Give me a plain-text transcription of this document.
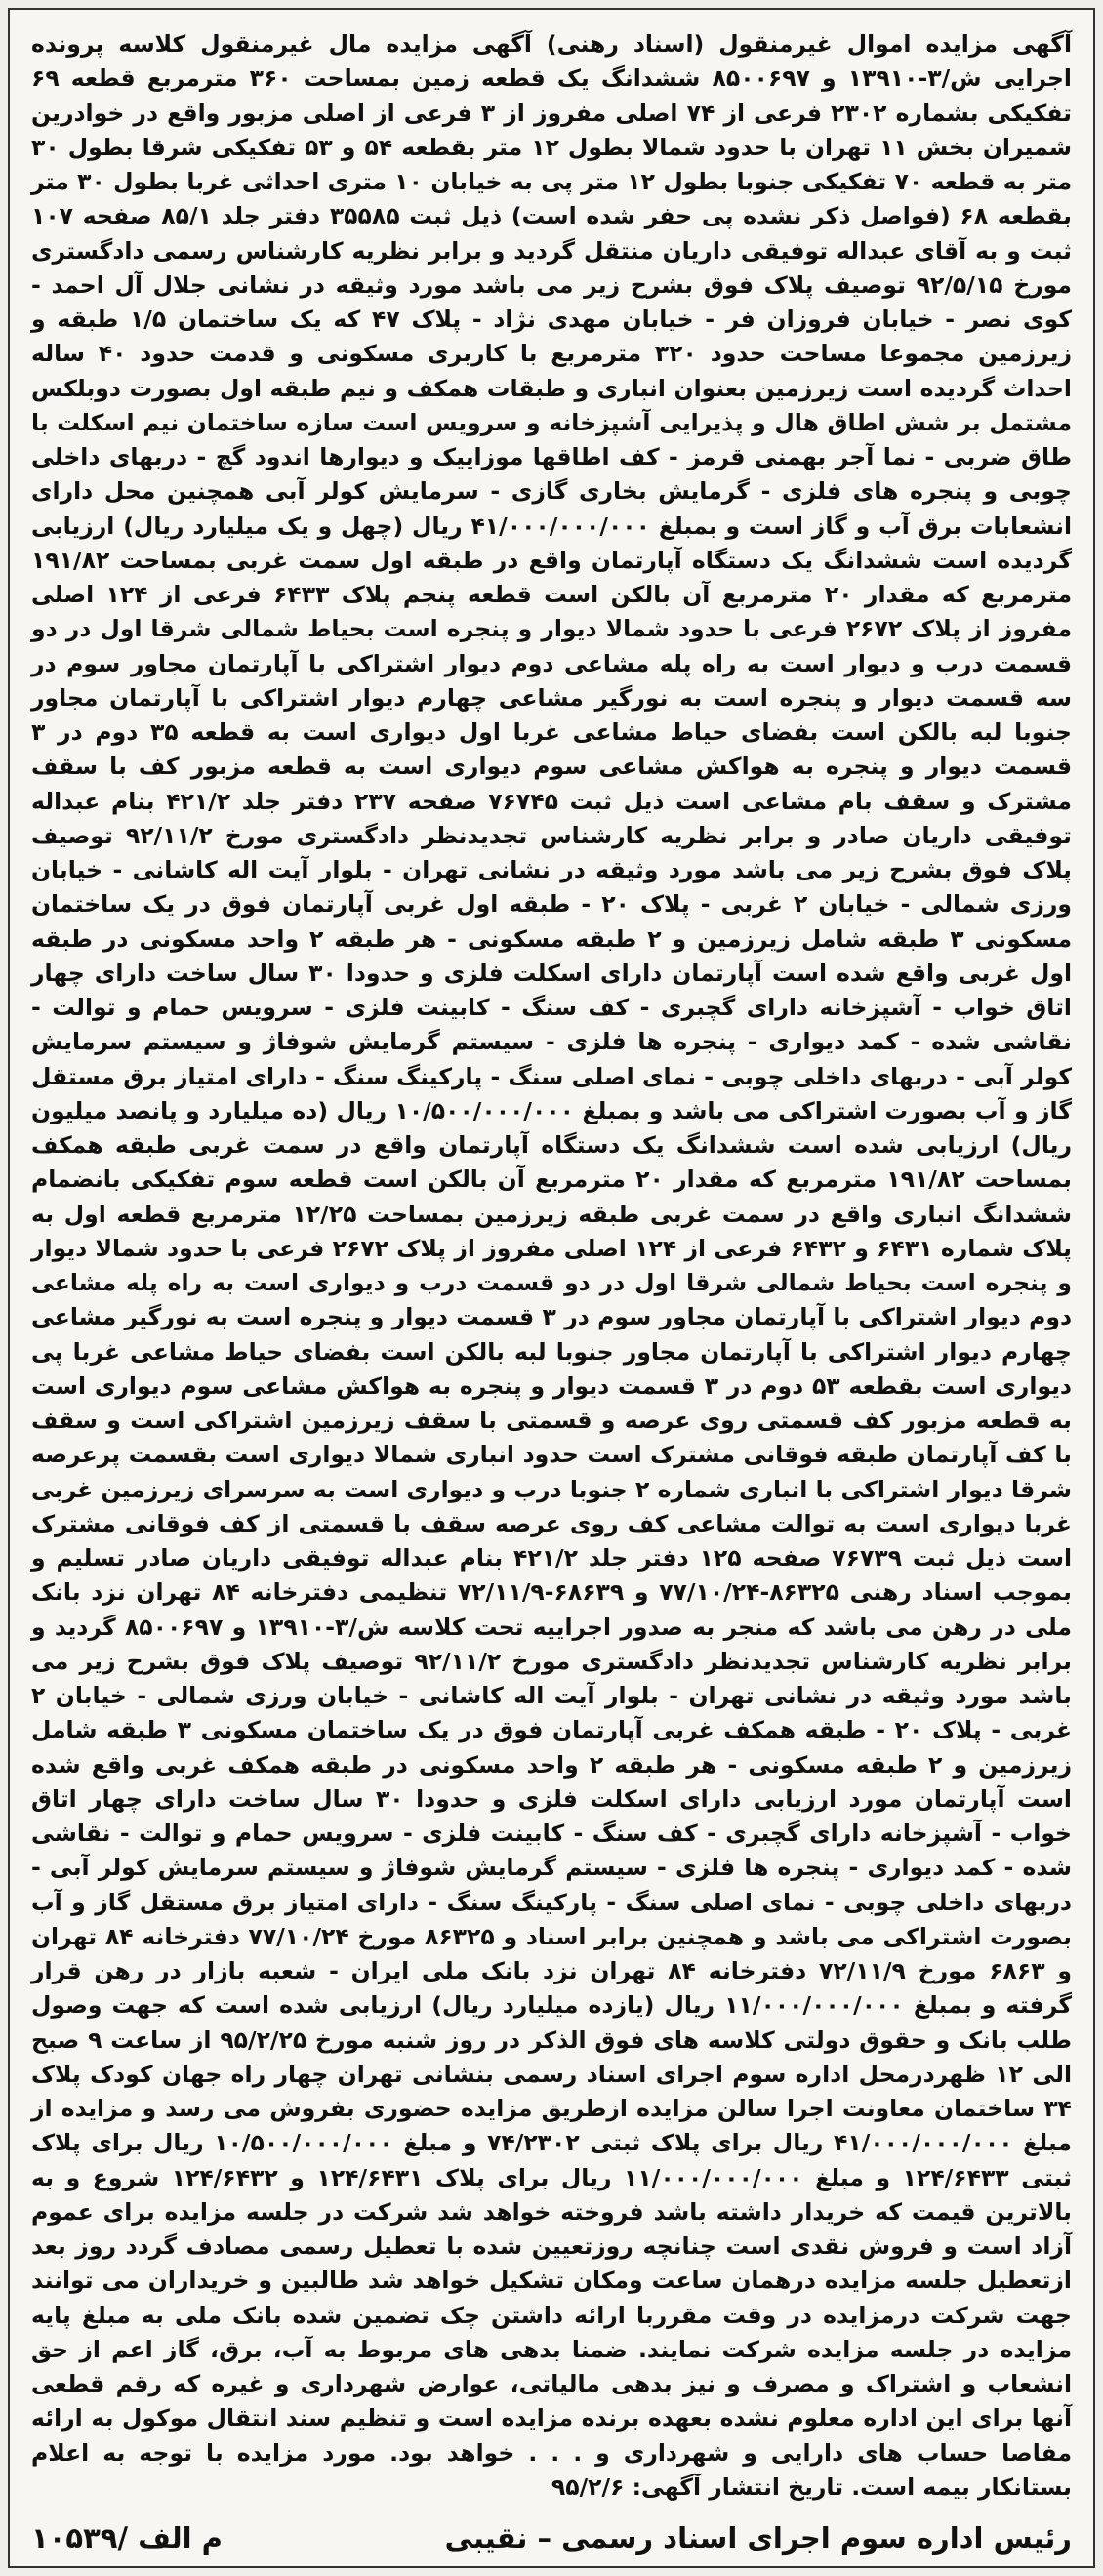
آگهی مزایده اموال غیرمنقول (اسناد رهنی) آگهی مزایده مال غیرمنقول کلاسه پرونده اجرایی ش/۳-۱۳۹۱۰ و ۸۵۰۰۶۹۷ ششدانگ یک قطعه زمین بمساحت ۳۶۰ مترمربع قطعه ۶۹ تفکیکی بشماره ۲۳۰۲ فرعی از ۷۴ اصلی مفروز از ۳ فرعی از اصلی مزبور واقع در خوادرین شمیران بخش ۱۱ تهران با حدود شمالا بطول ۱۲ متر بقطعه ۵۴ و ۵۳ تفکیکی شرقا بطول ۳۰ متر به قطعه ۷۰ تفکیکی جنوبا بطول ۱۲ متر پی به خیابان ۱۰ متری احداثی غربا بطول ۳۰ متر بقطعه ۶۸ (فواصل ذکر نشده پی حفر شده است) ذیل ثبت ۳۵۵۸۵ دفتر جلد ۸۵/۱ صفحه ۱۰۷ ثبت و به آقای عبداله توفیقی داریان منتقل گردید و برابر نظریه کارشناس رسمی دادگستری مورخ ۹۲/۵/۱۵ توصیف پلاک فوق بشرح زیر می باشد مورد وثیقه در نشانی جلال آل احمد - کوی نصر - خیابان فروزان فر - خیابان مهدی نژاد - پلاک ۴۷ که یک ساختمان ۱/۵ طبقه و زیرزمین مجموعا مساحت حدود ۳۲۰ مترمربع با کاربری مسکونی و قدمت حدود ۴۰ ساله احداث گردیده است زیرزمین بعنوان انباری و طبقات همکف و نیم طبقه اول بصورت دوبلکس مشتمل بر شش اطاق هال و پذیرایی آشپزخانه و سرویس است سازه ساختمان نیم اسکلت با طاق ضربی - نما آجر بهمنی قرمز - کف اطاقها موزاییک و دیوارها اندود گچ - دربهای داخلی چوبی و پنجره های فلزی - گرمایش بخاری گازی - سرمایش کولر آبی همچنین محل دارای انشعابات برق آب و گاز است و بمبلغ ۴۱/۰۰۰/۰۰۰/۰۰۰ ریال (چهل و یک میلیارد ریال) ارزیابی گردیده است ششدانگ یک دستگاه آپارتمان واقع در طبقه اول سمت غربی بمساحت ۱۹۱/۸۲ مترمربع که مقدار ۲۰ مترمربع آن بالکن است قطعه پنجم پلاک ۶۴۳۳ فرعی از ۱۲۴ اصلی مفروز از پلاک ۲۶۷۲ فرعی با حدود شمالا دیوار و پنجره است بحیاط شمالی شرقا اول در دو قسمت درب و دیوار است به راه پله مشاعی دوم دیوار اشتراکی با آپارتمان مجاور سوم در سه قسمت دیوار و پنجره است به نورگیر مشاعی چهارم دیوار اشتراکی با آپارتمان مجاور جنوبا لبه بالکن است بفضای حیاط مشاعی غربا اول دیواری است به قطعه ۳۵ دوم در ۳ قسمت دیوار و پنجره به هواکش مشاعی سوم دیواری است به قطعه مزبور کف با سقف مشترک و سقف بام مشاعی است ذیل ثبت ۷۶۷۴۵ صفحه ۲۳۷ دفتر جلد ۴۲۱/۲ بنام عبداله توفیقی داریان صادر و برابر نظریه کارشناس تجدیدنظر دادگستری مورخ ۹۲/۱۱/۲ توصیف پلاک فوق بشرح زیر می باشد مورد وثیقه در نشانی تهران - بلوار آیت اله کاشانی - خیابان ورزی شمالی - خیابان ۲ غربی - پلاک ۲۰ - طبقه اول غربی آپارتمان فوق در یک ساختمان مسکونی ۳ طبقه شامل زیرزمین و ۲ طبقه مسکونی - هر طبقه ۲ واحد مسکونی در طبقه اول غربی واقع شده است آپارتمان دارای اسکلت فلزی و حدودا ۳۰ سال ساخت دارای چهار اتاق خواب - آشپزخانه دارای گچبری - کف سنگ - کابینت فلزی - سرویس حمام و توالت - نقاشی شده - کمد دیواری - پنجره ها فلزی - سیستم گرمایش شوفاژ و سیستم سرمایش کولر آبی - دربهای داخلی چوبی - نمای اصلی سنگ - پارکینگ سنگ - دارای امتیاز برق مستقل گاز و آب بصورت اشتراکی می باشد و بمبلغ ۱۰/۵۰۰/۰۰۰/۰۰۰ ریال (ده میلیارد و پانصد میلیون ریال) ارزیابی شده است ششدانگ یک دستگاه آپارتمان واقع در سمت غربی طبقه همکف بمساحت ۱۹۱/۸۲ مترمربع که مقدار ۲۰ مترمربع آن بالکن است قطعه سوم تفکیکی بانضمام ششدانگ انباری واقع در سمت غربی طبقه زیرزمین بمساحت ۱۲/۲۵ مترمربع قطعه اول به پلاک شماره ۶۴۳۱ و ۶۴۳۲ فرعی از ۱۲۴ اصلی مفروز از پلاک ۲۶۷۲ فرعی با حدود شمالا دیوار و پنجره است بحیاط شمالی شرقا اول در دو قسمت درب و دیواری است به راه پله مشاعی دوم دیوار اشتراکی با آپارتمان مجاور سوم در ۳ قسمت دیوار و پنجره است به نورگیر مشاعی چهارم دیوار اشتراکی با آپارتمان مجاور جنوبا لبه بالکن است بفضای حیاط مشاعی غربا پی دیواری است بقطعه ۵۳ دوم در ۳ قسمت دیوار و پنجره به هواکش مشاعی سوم دیواری است به قطعه مزبور کف قسمتی روی عرصه و قسمتی با سقف زیرزمین اشتراکی است و سقف با کف آپارتمان طبقه فوقانی مشترک است حدود انباری شمالا دیواری است بقسمت پرعرصه شرقا دیوار اشتراکی با انباری شماره ۲ جنوبا درب و دیواری است به سرسرای زیرزمین غربی غربا دیواری است به توالت مشاعی کف روی عرصه سقف با قسمتی از کف فوقانی مشترک است ذیل ثبت ۷۶۷۳۹ صفحه ۱۲۵ دفتر جلد ۴۲۱/۲ بنام عبداله توفیقی داریان صادر تسلیم و بموجب اسناد رهنی ۸۶۳۲۵-۷۷/۱۰/۲۴ و ۶۸۶۳۹-۷۲/۱۱/۹ تنظیمی دفترخانه ۸۴ تهران نزد بانک ملی در رهن می باشد که منجر به صدور اجراییه تحت کلاسه ش/۳-۱۳۹۱۰ و ۸۵۰۰۶۹۷ گردید و برابر نظریه کارشناس تجدیدنظر دادگستری مورخ ۹۲/۱۱/۲ توصیف پلاک فوق بشرح زیر می باشد مورد وثیقه در نشانی تهران - بلوار آیت اله کاشانی - خیابان ورزی شمالی - خیابان ۲ غربی - پلاک ۲۰ - طبقه همکف غربی آپارتمان فوق در یک ساختمان مسکونی ۳ طبقه شامل زیرزمین و ۲ طبقه مسکونی - هر طبقه ۲ واحد مسکونی در طبقه همکف غربی واقع شده است آپارتمان مورد ارزیابی دارای اسکلت فلزی و حدودا ۳۰ سال ساخت دارای چهار اتاق خواب - آشپزخانه دارای گچبری - کف سنگ - کابینت فلزی - سرویس حمام و توالت - نقاشی شده - کمد دیواری - پنجره ها فلزی - سیستم گرمایش شوفاژ و سیستم سرمایش کولر آبی - دربهای داخلی چوبی - نمای اصلی سنگ - پارکینگ سنگ - دارای امتیاز برق مستقل گاز و آب بصورت اشتراکی می باشد و همچنین برابر اسناد و ۸۶۳۲۵ مورخ ۷۷/۱۰/۲۴ دفترخانه ۸۴ تهران و ۶۸۶۳ مورخ ۷۲/۱۱/۹ دفترخانه ۸۴ تهران نزد بانک ملی ایران - شعبه بازار در رهن قرار گرفته و بمبلغ ۱۱/۰۰۰/۰۰۰/۰۰۰ ریال (یازده میلیارد ریال) ارزیابی شده است که جهت وصول طلب بانک و حقوق دولتی کلاسه های فوق الذکر در روز شنبه مورخ ۹۵/۲/۲۵ از ساعت ۹ صبح الی ۱۲ ظهردرمحل اداره سوم اجرای اسناد رسمی بنشانی تهران چهار راه جهان کودک پلاک ۳۴ ساختمان معاونت اجرا سالن مزایده ازطریق مزایده حضوری بفروش می رسد و مزایده از مبلغ ۴۱/۰۰۰/۰۰۰/۰۰۰ ریال برای پلاک ثبتی ۷۴/۲۳۰۲ و مبلغ ۱۰/۵۰۰/۰۰۰/۰۰۰ ریال برای پلاک ثبتی ۱۲۴/۶۴۳۳ و مبلغ ۱۱/۰۰۰/۰۰۰/۰۰۰ ریال برای پلاک ۱۲۴/۶۴۳۱ و ۱۲۴/۶۴۳۲ شروع و به بالاترین قیمت که خریدار داشته باشد فروخته خواهد شد شرکت در جلسه مزایده برای عموم آزاد است و فروش نقدی است چنانچه روزتعیین شده با تعطیل رسمی مصادف گردد روز بعد ازتعطیل جلسه مزایده درهمان ساعت ومکان تشکیل خواهد شد طالبین و خریداران می توانند جهت شرکت درمزایده در وقت مقرربا ارائه داشتن چک تضمین شده بانک ملی به مبلغ پایه مزایده در جلسه مزایده شرکت نمایند. ضمنا بدهی های مربوط به آب، برق، گاز اعم از حق انشعاب و اشتراک و مصرف و نیز بدهی مالیاتی، عوارض شهرداری و غیره که رقم قطعی آنها برای این اداره معلوم نشده بعهده برنده مزایده است و تنظیم سند انتقال موکول به ارائه مفاصا حساب های دارایی و شهرداری و . . . خواهد بود. مورد مزایده با توجه به اعلام بستانکار بیمه است. تاریخ انتشار آگهی: ۹۵/۲/۶

رئیس اداره سوم اجرای اسناد رسمی – نقیبی
م الف /۱۰۵۳۹
